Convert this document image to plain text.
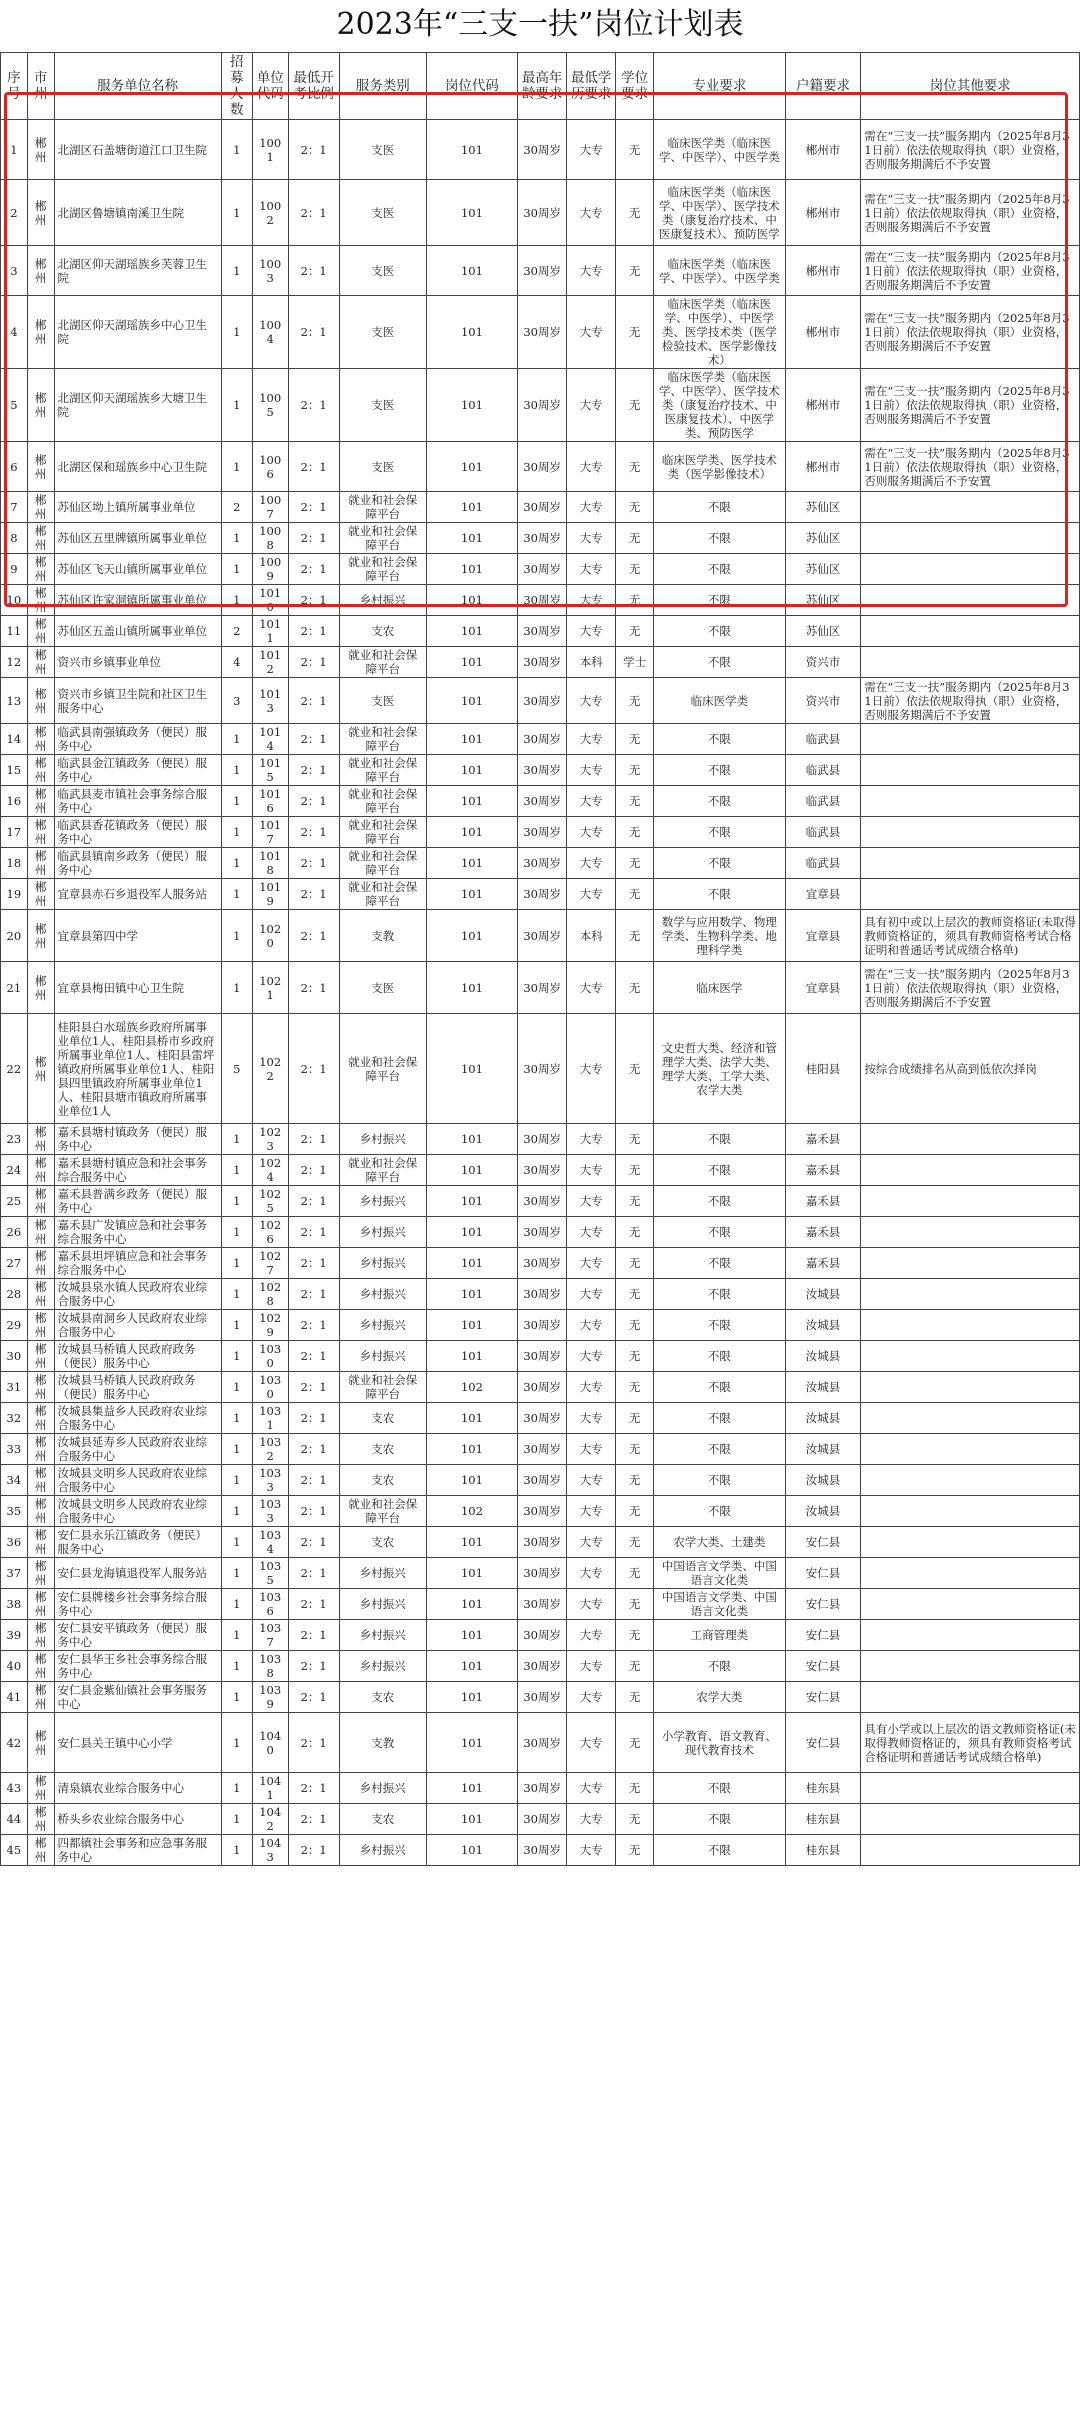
2023年“三支一扶”岗位计划表
序号	市州	服务单位名称	招募人数	单位代码	最低开考比例	服务类别	岗位代码	最高年龄要求	最低学历要求	学位要求	专业要求	户籍要求	岗位其他要求
1	郴州	北湖区石盖塘街道江口卫生院	1	1001	2：1	支医	101	30周岁	大专	无	临床医学类（临床医学、中医学）、中医学类	郴州市	需在“三支一扶”服务期内（2025年8月31日前）依法依规取得执（职）业资格，否则服务期满后不予安置
2	郴州	北湖区鲁塘镇南溪卫生院	1	1002	2：1	支医	101	30周岁	大专	无	临床医学类（临床医学、中医学）、医学技术类（康复治疗技术、中医康复技术）、预防医学	郴州市	需在“三支一扶”服务期内（2025年8月31日前）依法依规取得执（职）业资格，否则服务期满后不予安置
3	郴州	北湖区仰天湖瑶族乡芙蓉卫生院	1	1003	2：1	支医	101	30周岁	大专	无	临床医学类（临床医学、中医学）、中医学类	郴州市	需在“三支一扶”服务期内（2025年8月31日前）依法依规取得执（职）业资格，否则服务期满后不予安置
4	郴州	北湖区仰天湖瑶族乡中心卫生院	1	1004	2：1	支医	101	30周岁	大专	无	临床医学类（临床医学、中医学）、中医学类、医学技术类（医学检验技术、医学影像技术）	郴州市	需在“三支一扶”服务期内（2025年8月31日前）依法依规取得执（职）业资格，否则服务期满后不予安置
5	郴州	北湖区仰天湖瑶族乡大塘卫生院	1	1005	2：1	支医	101	30周岁	大专	无	临床医学类（临床医学、中医学）、医学技术类（康复治疗技术、中医康复技术）、中医学类、预防医学	郴州市	需在“三支一扶”服务期内（2025年8月31日前）依法依规取得执（职）业资格，否则服务期满后不予安置
6	郴州	北湖区保和瑶族乡中心卫生院	1	1006	2：1	支医	101	30周岁	大专	无	临床医学类、医学技术类（医学影像技术）	郴州市	需在“三支一扶”服务期内（2025年8月31日前）依法依规取得执（职）业资格，否则服务期满后不予安置
7	郴州	苏仙区坳上镇所属事业单位	2	1007	2：1	就业和社会保障平台	101	30周岁	大专	无	不限	苏仙区	
8	郴州	苏仙区五里牌镇所属事业单位	1	1008	2：1	就业和社会保障平台	101	30周岁	大专	无	不限	苏仙区	
9	郴州	苏仙区飞天山镇所属事业单位	1	1009	2：1	就业和社会保障平台	101	30周岁	大专	无	不限	苏仙区	
10	郴州	苏仙区许家洞镇所属事业单位	1	1010	2：1	乡村振兴	101	30周岁	大专	无	不限	苏仙区	
11	郴州	苏仙区五盖山镇所属事业单位	2	1011	2：1	支农	101	30周岁	大专	无	不限	苏仙区	
12	郴州	资兴市乡镇事业单位	4	1012	2：1	就业和社会保障平台	101	30周岁	本科	学士	不限	资兴市	
13	郴州	资兴市乡镇卫生院和社区卫生服务中心	3	1013	2：1	支医	101	30周岁	大专	无	临床医学类	资兴市	需在“三支一扶”服务期内（2025年8月31日前）依法依规取得执（职）业资格，否则服务期满后不予安置
14	郴州	临武县南强镇政务（便民）服务中心	1	1014	2：1	就业和社会保障平台	101	30周岁	大专	无	不限	临武县	
15	郴州	临武县金江镇政务（便民）服务中心	1	1015	2：1	就业和社会保障平台	101	30周岁	大专	无	不限	临武县	
16	郴州	临武县麦市镇社会事务综合服务中心	1	1016	2：1	就业和社会保障平台	101	30周岁	大专	无	不限	临武县	
17	郴州	临武县香花镇政务（便民）服务中心	1	1017	2：1	就业和社会保障平台	101	30周岁	大专	无	不限	临武县	
18	郴州	临武县镇南乡政务（便民）服务中心	1	1018	2：1	就业和社会保障平台	101	30周岁	大专	无	不限	临武县	
19	郴州	宜章县赤石乡退役军人服务站	1	1019	2：1	就业和社会保障平台	101	30周岁	大专	无	不限	宜章县	
20	郴州	宜章县第四中学	1	1020	2：1	支教	101	30周岁	本科	无	数学与应用数学、物理学类、生物科学类、地理科学类	宜章县	具有初中或以上层次的教师资格证(未取得教师资格证的，须具有教师资格考试合格证明和普通话考试成绩合格单)
21	郴州	宜章县梅田镇中心卫生院	1	1021	2：1	支医	101	30周岁	大专	无	临床医学	宜章县	需在“三支一扶”服务期内（2025年8月31日前）依法依规取得执（职）业资格，否则服务期满后不予安置
22	郴州	桂阳县白水瑶族乡政府所属事业单位1人、桂阳县桥市乡政府所属事业单位1人、桂阳县雷坪镇政府所属事业单位1人、桂阳县四里镇政府所属事业单位1人、桂阳县塘市镇政府所属事业单位1人	5	1022	2：1	就业和社会保障平台	101	30周岁	大专	无	文史哲大类、经济和管理学大类、法学大类、理学大类、工学大类、农学大类	桂阳县	按综合成绩排名从高到低依次择岗
23	郴州	嘉禾县塘村镇政务（便民）服务中心	1	1023	2：1	乡村振兴	101	30周岁	大专	无	不限	嘉禾县	
24	郴州	嘉禾县塘村镇应急和社会事务综合服务中心	1	1024	2：1	就业和社会保障平台	101	30周岁	大专	无	不限	嘉禾县	
25	郴州	嘉禾县普满乡政务（便民）服务中心	1	1025	2：1	乡村振兴	101	30周岁	大专	无	不限	嘉禾县	
26	郴州	嘉禾县广发镇应急和社会事务综合服务中心	1	1026	2：1	乡村振兴	101	30周岁	大专	无	不限	嘉禾县	
27	郴州	嘉禾县坦坪镇应急和社会事务综合服务中心	1	1027	2：1	乡村振兴	101	30周岁	大专	无	不限	嘉禾县	
28	郴州	汝城县泉水镇人民政府农业综合服务中心	1	1028	2：1	乡村振兴	101	30周岁	大专	无	不限	汝城县	
29	郴州	汝城县南洞乡人民政府农业综合服务中心	1	1029	2：1	乡村振兴	101	30周岁	大专	无	不限	汝城县	
30	郴州	汝城县马桥镇人民政府政务（便民）服务中心	1	1030	2：1	乡村振兴	101	30周岁	大专	无	不限	汝城县	
31	郴州	汝城县马桥镇人民政府政务（便民）服务中心	1	1030	2：1	就业和社会保障平台	102	30周岁	大专	无	不限	汝城县	
32	郴州	汝城县集益乡人民政府农业综合服务中心	1	1031	2：1	支农	101	30周岁	大专	无	不限	汝城县	
33	郴州	汝城县延寿乡人民政府农业综合服务中心	1	1032	2：1	支农	101	30周岁	大专	无	不限	汝城县	
34	郴州	汝城县文明乡人民政府农业综合服务中心	1	1033	2：1	支农	101	30周岁	大专	无	不限	汝城县	
35	郴州	汝城县文明乡人民政府农业综合服务中心	1	1033	2：1	就业和社会保障平台	102	30周岁	大专	无	不限	汝城县	
36	郴州	安仁县永乐江镇政务（便民）服务中心	1	1034	2：1	支农	101	30周岁	大专	无	农学大类、土建类	安仁县	
37	郴州	安仁县龙海镇退役军人服务站	1	1035	2：1	乡村振兴	101	30周岁	大专	无	中国语言文学类、中国语言文化类	安仁县	
38	郴州	安仁县牌楼乡社会事务综合服务中心	1	1036	2：1	乡村振兴	101	30周岁	大专	无	中国语言文学类、中国语言文化类	安仁县	
39	郴州	安仁县安平镇政务（便民）服务中心	1	1037	2：1	乡村振兴	101	30周岁	大专	无	工商管理类	安仁县	
40	郴州	安仁县华王乡社会事务综合服务中心	1	1038	2：1	乡村振兴	101	30周岁	大专	无	不限	安仁县	
41	郴州	安仁县金紫仙镇社会事务服务中心	1	1039	2：1	支农	101	30周岁	大专	无	农学大类	安仁县	
42	郴州	安仁县关王镇中心小学	1	1040	2：1	支教	101	30周岁	大专	无	小学教育、语文教育、现代教育技术	安仁县	具有小学或以上层次的语文教师资格证(未取得教师资格证的，须具有教师资格考试合格证明和普通话考试成绩合格单)
43	郴州	清泉镇农业综合服务中心	1	1041	2：1	乡村振兴	101	30周岁	大专	无	不限	桂东县	
44	郴州	桥头乡农业综合服务中心	1	1042	2：1	支农	101	30周岁	大专	无	不限	桂东县	
45	郴州	四都镇社会事务和应急事务服务中心	1	1043	2：1	乡村振兴	101	30周岁	大专	无	不限	桂东县	
